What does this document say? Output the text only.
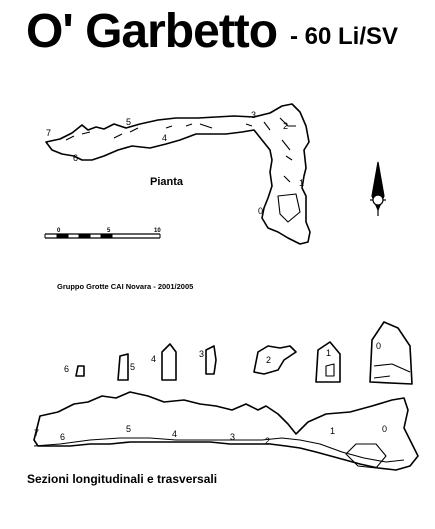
O' Garbetto - 60 Li/SV
7
6
5
4
3
2
1
0
Pianta
0	5	10
6	5
4	3
2
1
0
7 6
5	4	3	2
1	0
Gruppo Grotte CAI Novara - 2001/2005
Sezioni longitudinali e trasversali
